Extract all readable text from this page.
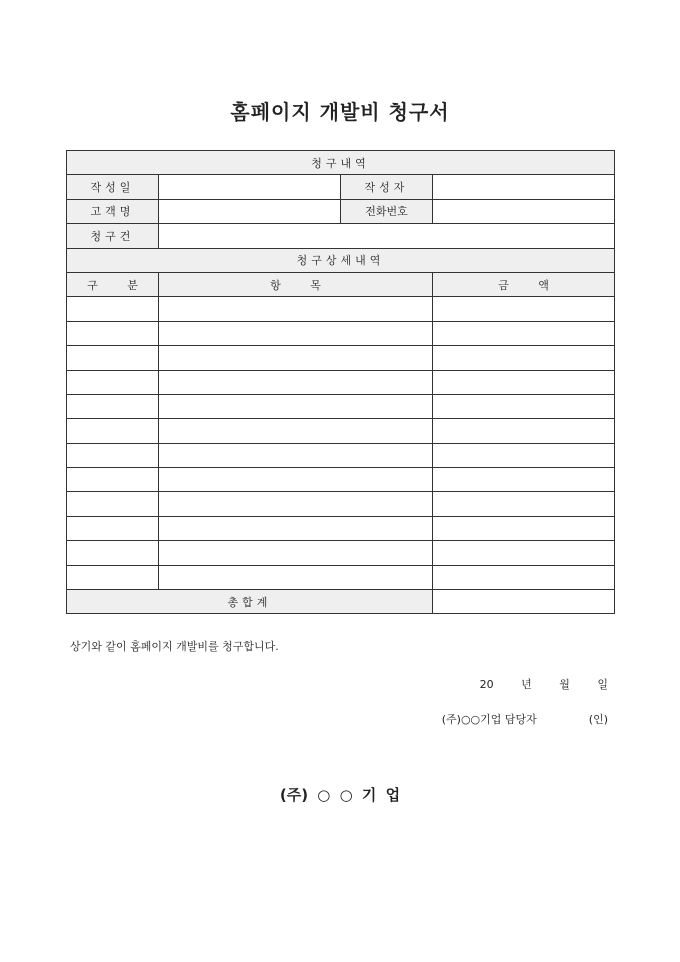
홈페이지 개발비 청구서
청구내역			
작성일		작성자	
고객명		전화번호	
청구건			
청구상세내역			
구 분	항 목		금 액

총합계			
상기와 같이 홈페이지 개발비를 청구합니다.
20	년	월	일
(주)○○기업 담당자	(인)
(주) ○ ○ 기 업
